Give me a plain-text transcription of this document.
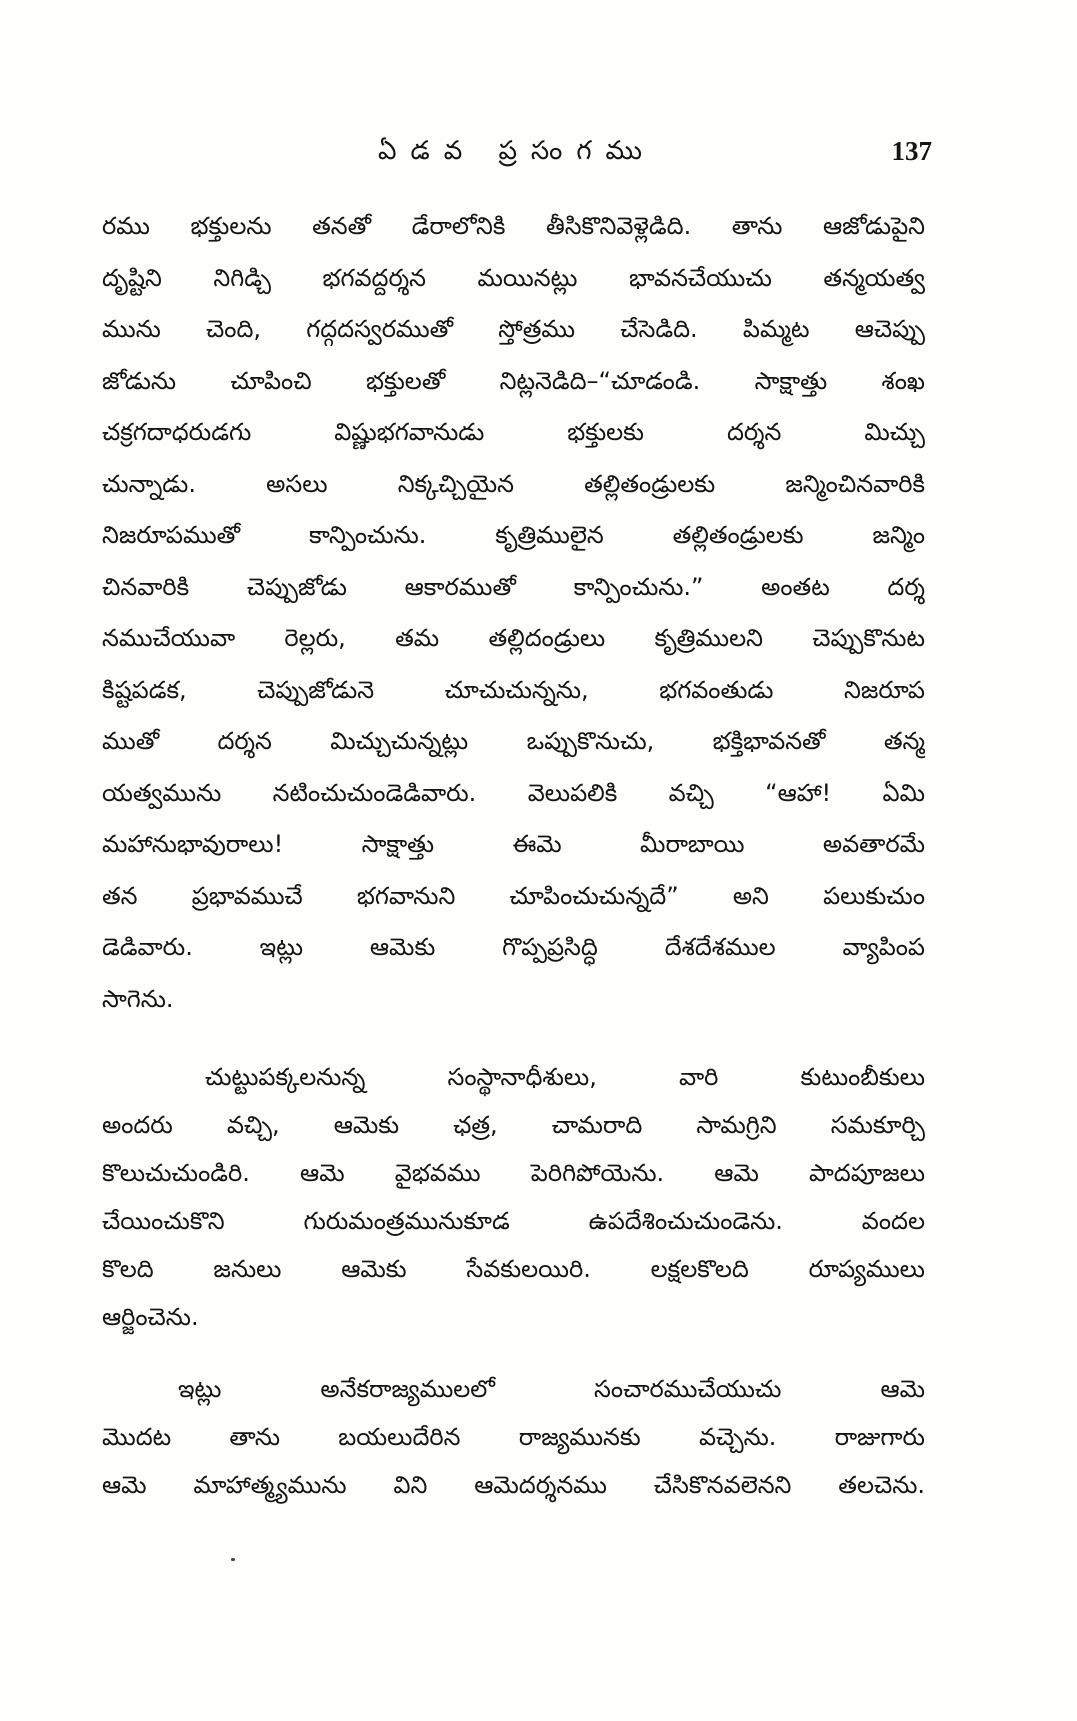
ఏడవ ప్రసంగము	137
రము భక్తులను తనతో డేరాలోనికి తీసికొనివెళ్లెడిది. తాను ఆజోడుపైని
దృష్టిని నిగిడ్చి భగవద్దర్శన మయినట్లు భావనచేయుచు తన్మయత్వ
మును చెంది, గద్గదస్వరముతో స్తోత్రము చేసెడిది. పిమ్మట ఆచెప్పు
జోడును చూపించి భక్తులతో నిట్లనెడిది–“చూడండి. సాక్షాత్తు శంఖ
చక్రగదాధరుడగు విష్ణుభగవానుడు భక్తులకు దర్శన మిచ్చు
చున్నాడు. అసలు నిక్కచ్చియైన తల్లితండ్రులకు జన్మించినవారికి
నిజరూపముతో కాన్పించును. కృత్రిములైన తల్లితండ్రులకు జన్మిం
చినవారికి చెప్పుజోడు ఆకారముతో కాన్పించును.” అంతట దర్శ
నముచేయువా రెల్లరు, తమ తల్లిదండ్రులు కృత్రిములని చెప్పుకొనుట
కిష్టపడక, చెప్పుజోడునె చూచుచున్నను, భగవంతుడు నిజరూప
ముతో దర్శన మిచ్చుచున్నట్లు ఒప్పుకొనుచు, భక్తిభావనతో తన్మ
యత్వమును నటించుచుండెడివారు. వెలుపలికి వచ్చి “ఆహా! ఏమి
మహానుభావురాలు! సాక్షాత్తు ఈమె మీరాబాయి అవతారమే
తన ప్రభావముచే భగవానుని చూపించుచున్నదే” అని పలుకుచుం
డెడివారు. ఇట్లు ఆమెకు గొప్పప్రసిద్ధి దేశదేశముల వ్యాపింప
సాగెను.
చుట్టుపక్కలనున్న సంస్థానాధీశులు, వారి కుటుంబీకులు
అందరు వచ్చి, ఆమెకు ఛత్ర, చామరాది సామగ్రిని సమకూర్చి
కొలుచుచుండిరి. ఆమె వైభవము పెరిగిపోయెను. ఆమె పాదపూజలు
చేయించుకొని గురుమంత్రమునుకూడ ఉపదేశించుచుండెను. వందల
కొలది జనులు ఆమెకు సేవకులయిరి. లక్షలకొలది రూప్యములు
ఆర్జించెను.
ఇట్లు అనేకరాజ్యములలో సంచారముచేయుచు ఆమె
మొదట తాను బయలుదేరిన రాజ్యమునకు వచ్చెను. రాజుగారు
ఆమె మాహాత్మ్యమును విని ఆమెదర్శనము చేసికొనవలెనని తలచెను.
